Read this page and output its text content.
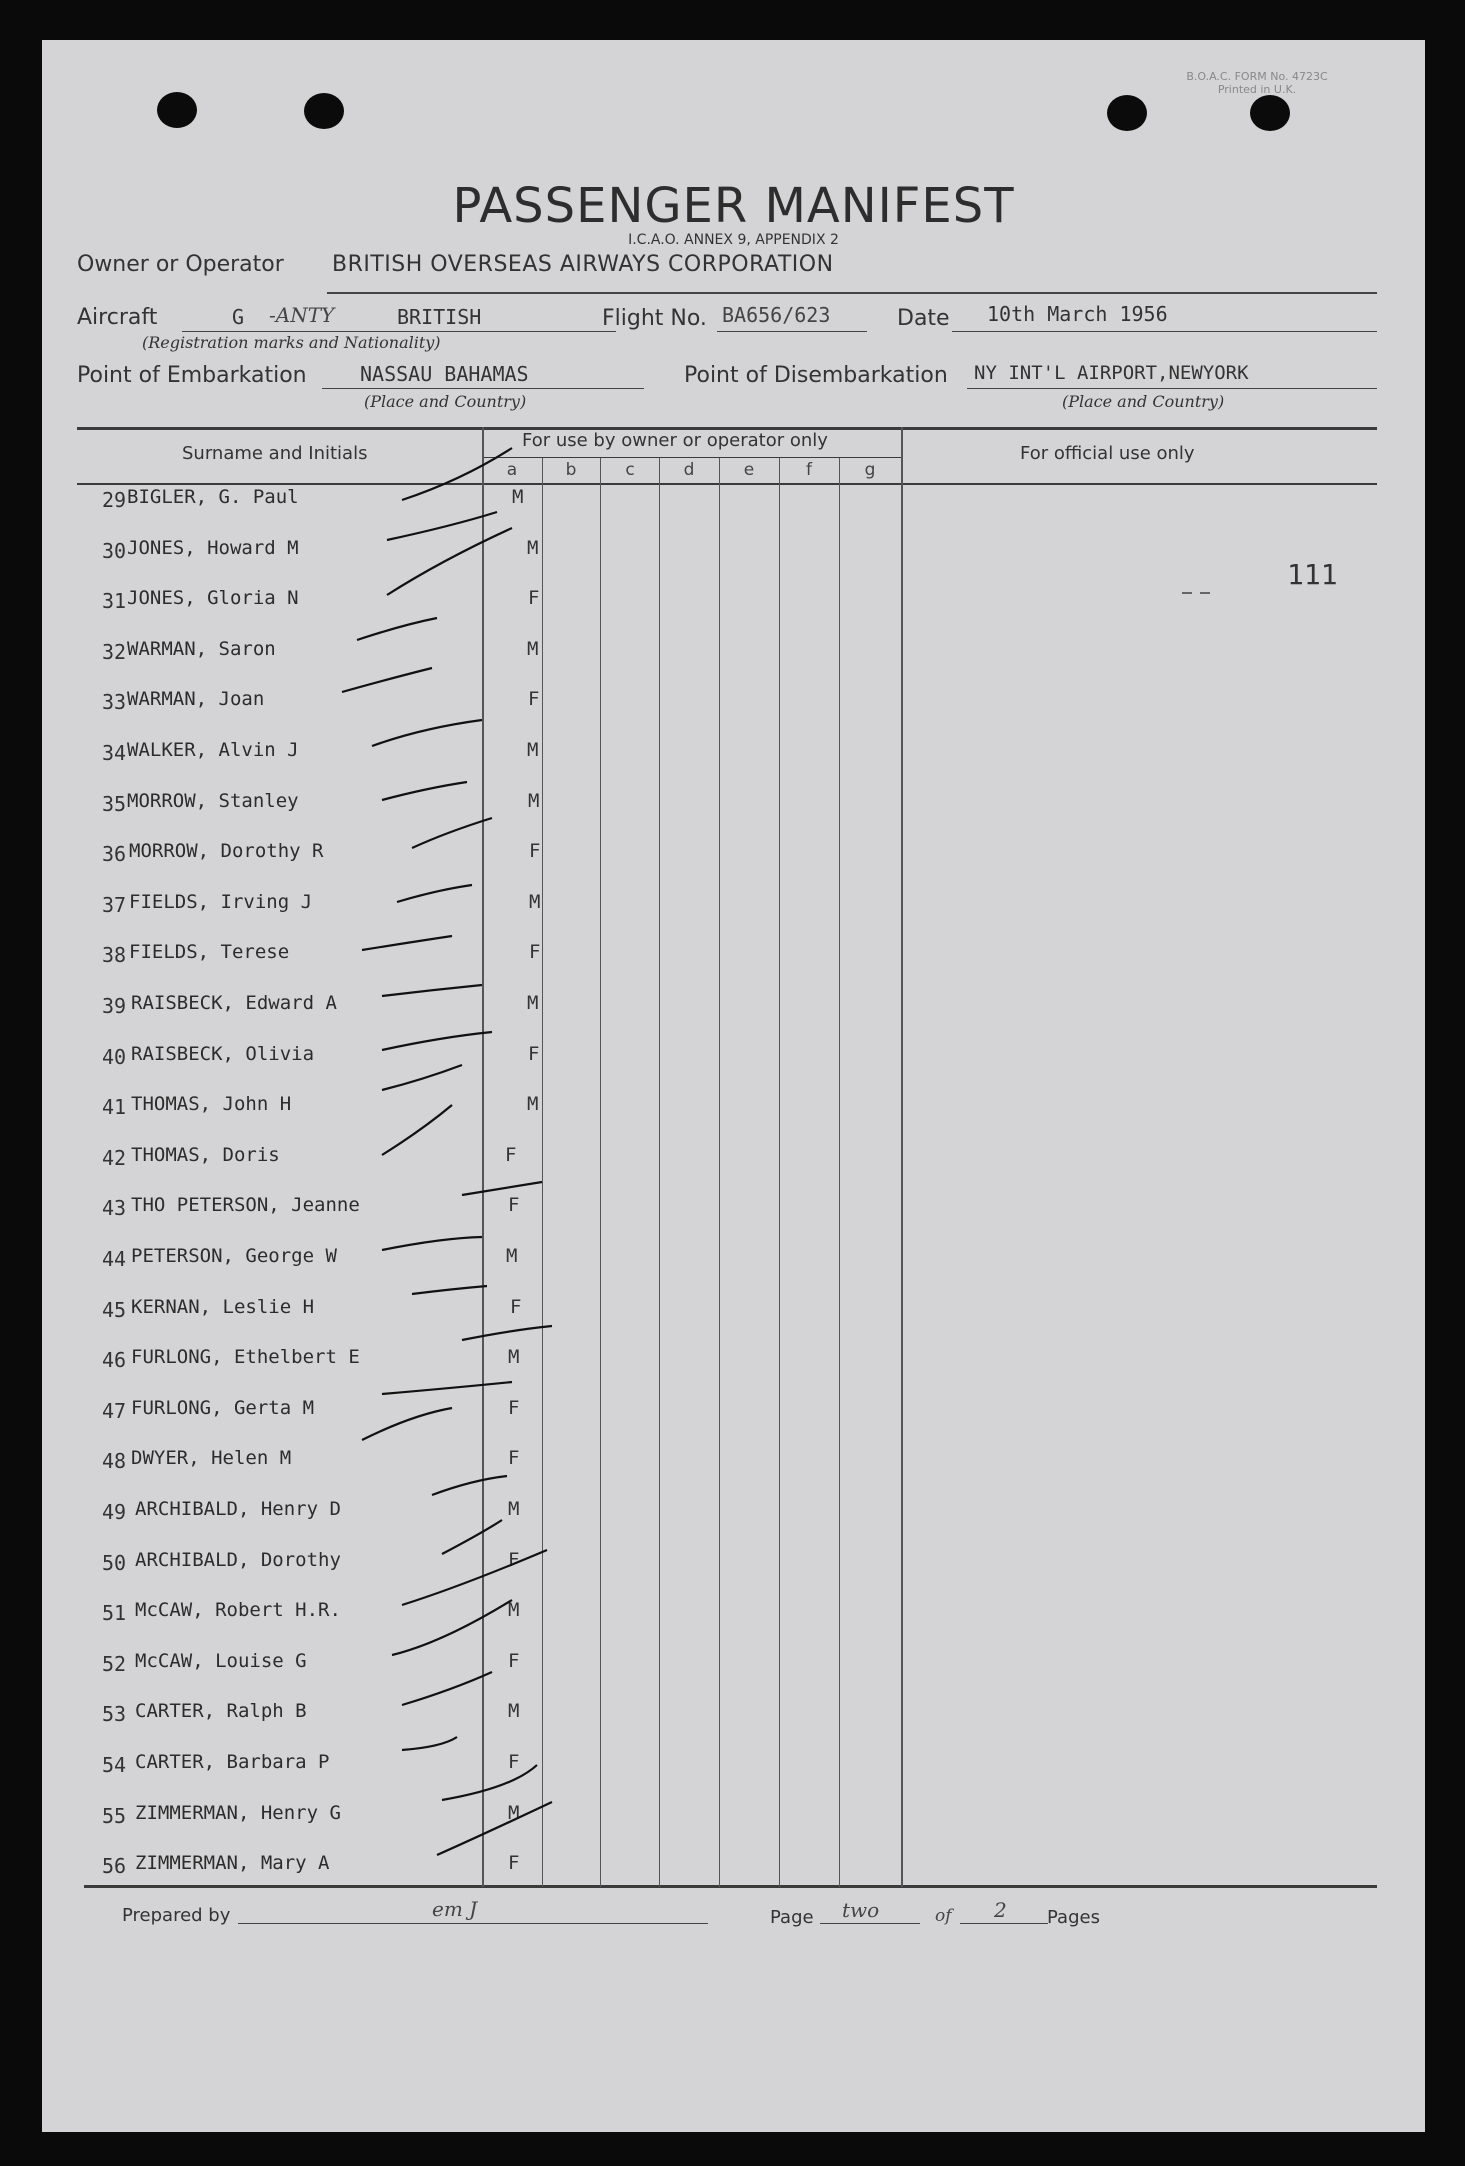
B.O.A.C. FORM No. 4723C
Printed in U.K.
PASSENGER MANIFEST
I.C.A.O. ANNEX 9, APPENDIX 2
Owner or Operator BRITISH OVERSEAS AIRWAYS CORPORATION
Aircraft	G -ANTY	BRITISH
(Registration marks and Nationality)
Flight No. BA656/623	Date 10th March 1956
Point of Embarkation	NASSAU BAHAMAS
(Place and Country)
Point of Disembarkation NY INT'L AIRPORT,NEWYORK
(Place and Country)
Surname and Initials
For use by owner or operator only
For official use only
a	b	c	d	e	f	g
29 BIGLER, G. Paul	M
30 JONES, Howard M	M
31 JONES, Gloria N	F
32 WARMAN, Saron	M
33 WARMAN, Joan	F
34 WALKER, Alvin J	M
35 MORROW, Stanley	M
36 MORROW, Dorothy R	F
37 FIELDS, Irving J	M
38 FIELDS, Terese	F
39 RAISBECK, Edward A	M
40 RAISBECK, Olivia	F
41 THOMAS, John H	M
42 THOMAS, Doris	F
43 THO PETERSON, Jeanne	F
44 PETERSON, George W	M
45 KERNAN, Leslie H	F
46 FURLONG, Ethelbert E	M
47 FURLONG, Gerta M	F
48 DWYER, Helen M	F
49 ARCHIBALD, Henry D	M
50 ARCHIBALD, Dorothy	F
51 McCAW, Robert H.R.	M
52 McCAW, Louise G	F
53 CARTER, Ralph B	M
54 CARTER, Barbara P	F
55 ZIMMERMAN, Henry G	M
56 ZIMMERMAN, Mary A	F
111
Prepared by	em J	Page two	of 2 Pages
